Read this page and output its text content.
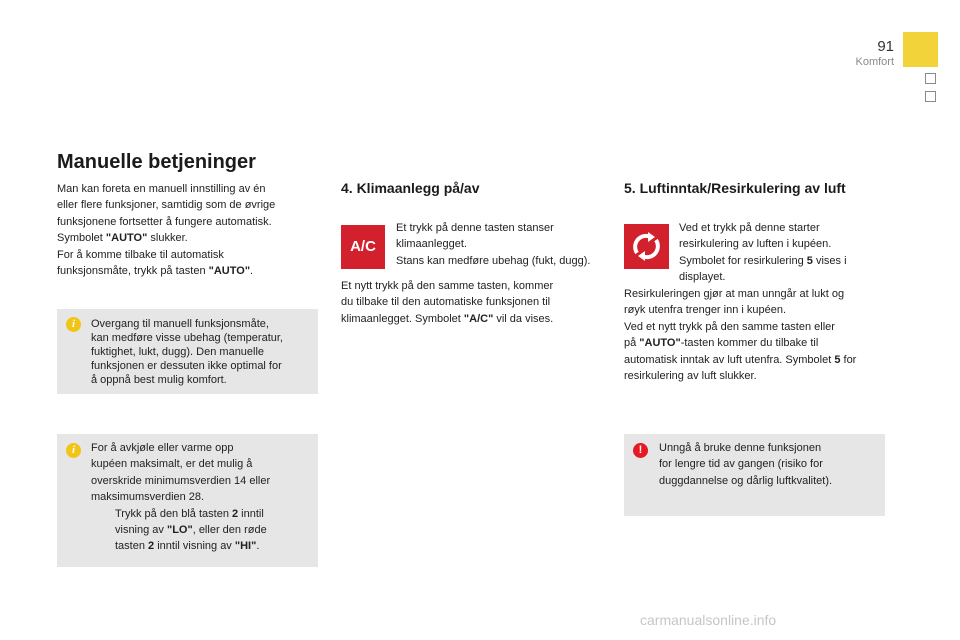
91
Komfort
Manuelle betjeninger

Man kan foreta en manuell innstilling av én

eller flere funksjoner, samtidig som de øvrige

funksjonene fortsetter å fungere automatisk.

Symbolet "AUTO" slukker.

For å komme tilbake til automatisk

funksjonsmåte, trykk på tasten "AUTO".

i	Overgang til manuell funksjonsmåte,

kan medføre visse ubehag (temperatur,

fuktighet, lukt, dugg). Den manuelle

funksjonen er dessuten ikke optimal for

å oppnå best mulig komfort.

i	For å avkjøle eller varme opp

kupéen maksimalt, er det mulig å

overskride minimumsverdien 14 eller

maksimumsverdien 28.

Trykk på den blå tasten 2 inntil

visning av "LO", eller den røde

tasten 2 inntil visning av "HI".

4. Klimaanlegg på/av
A/C

Et trykk på denne tasten stanser

klimaanlegget.

Stans kan medføre ubehag (fukt, dugg).

Et nytt trykk på den samme tasten, kommer

du tilbake til den automatiske funksjonen til

klimaanlegget. Symbolet "A/C" vil da vises.

5. Luftinntak/Resirkulering av luft

Ved et trykk på denne starter

resirkulering av luften i kupéen.

Symbolet for resirkulering 5 vises i

displayet.

Resirkuleringen gjør at man unngår at lukt og

røyk utenfra trenger inn i kupéen.

Ved et nytt trykk på den samme tasten eller

på "AUTO"-tasten kommer du tilbake til

automatisk inntak av luft utenfra. Symbolet 5 for

resirkulering av luft slukker.

!	Unngå å bruke denne funksjonen

for lengre tid av gangen (risiko for

duggdannelse og dårlig luftkvalitet).

carmanualsonline.info
